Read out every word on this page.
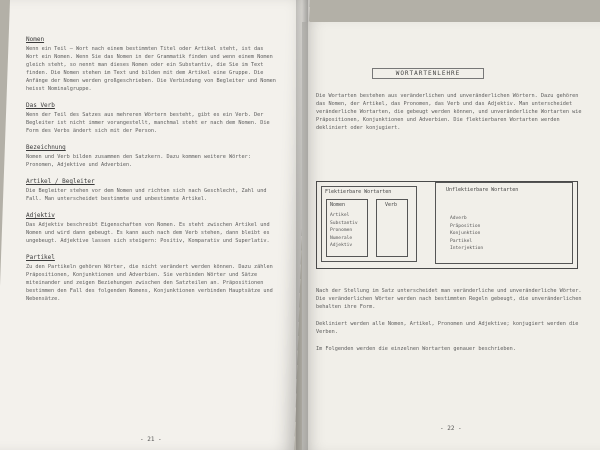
Nomen

Wenn ein Teil — Wort nach einem bestimmten Titel oder Artikel steht, ist das Wort ein Nomen. Wenn Sie das Nomen in der Grammatik finden und wenn einem Nomen gleich steht, so nennt man dieses Nomen oder ein Substantiv, die Sie im Text finden. Die Nomen stehen im Text und bilden mit dem Artikel eine Gruppe. Die Anfänge der Nomen werden großgeschrieben. Die Verbindung von Begleiter und Nomen heisst Nominalgruppe.

Das Verb

Wenn der Teil des Satzes aus mehreren Wörtern besteht, gibt es ein Verb. Der Begleiter ist nicht immer vorangestellt, manchmal steht er nach dem Nomen. Die Form des Verbs ändert sich mit der Person.

Bezeichnung

Nomen und Verb bilden zusammen den Satzkern. Dazu kommen weitere Wörter: Pronomen, Adjektive und Adverbien.

Artikel / Begleiter

Die Begleiter stehen vor dem Nomen und richten sich nach Geschlecht, Zahl und Fall. Man unterscheidet bestimmte und unbestimmte Artikel.

Adjektiv

Das Adjektiv beschreibt Eigenschaften von Nomen. Es steht zwischen Artikel und Nomen und wird dann gebeugt. Es kann auch nach dem Verb stehen, dann bleibt es ungebeugt. Adjektive lassen sich steigern: Positiv, Komparativ und Superlativ.

Partikel

Zu den Partikeln gehören Wörter, die nicht verändert werden können. Dazu zählen Präpositionen, Konjunktionen und Adverbien. Sie verbinden Wörter und Sätze miteinander und zeigen Beziehungen zwischen den Satzteilen an. Präpositionen bestimmen den Fall des folgenden Nomens, Konjunktionen verbinden Hauptsätze und Nebensätze.

- 21 -
WORTARTENLEHRE

Die Wortarten bestehen aus veränderlichen und unveränderlichen Wörtern. Dazu gehören das Nomen, der Artikel, das Pronomen, das Verb und das Adjektiv. Man unterscheidet veränderliche Wortarten, die gebeugt werden können, und unveränderliche Wortarten wie Präpositionen, Konjunktionen und Adverbien. Die flektierbaren Wortarten werden dekliniert oder konjugiert.

Flektierbare Wortarten
Nomen
Artikel
Substantiv
Pronomen
Numerale
Adjektiv
Verb
Unflektierbare Wortarten
Adverb
Präposition
Konjunktion
Partikel
Interjektion

Nach der Stellung im Satz unterscheidet man veränderliche und unveränderliche Wörter. Die veränderlichen Wörter werden nach bestimmten Regeln gebeugt, die unveränderlichen behalten ihre Form.

Dekliniert werden alle Nomen, Artikel, Pronomen und Adjektive; konjugiert werden die Verben.

Im Folgenden werden die einzelnen Wortarten genauer beschrieben.

- 22 -
